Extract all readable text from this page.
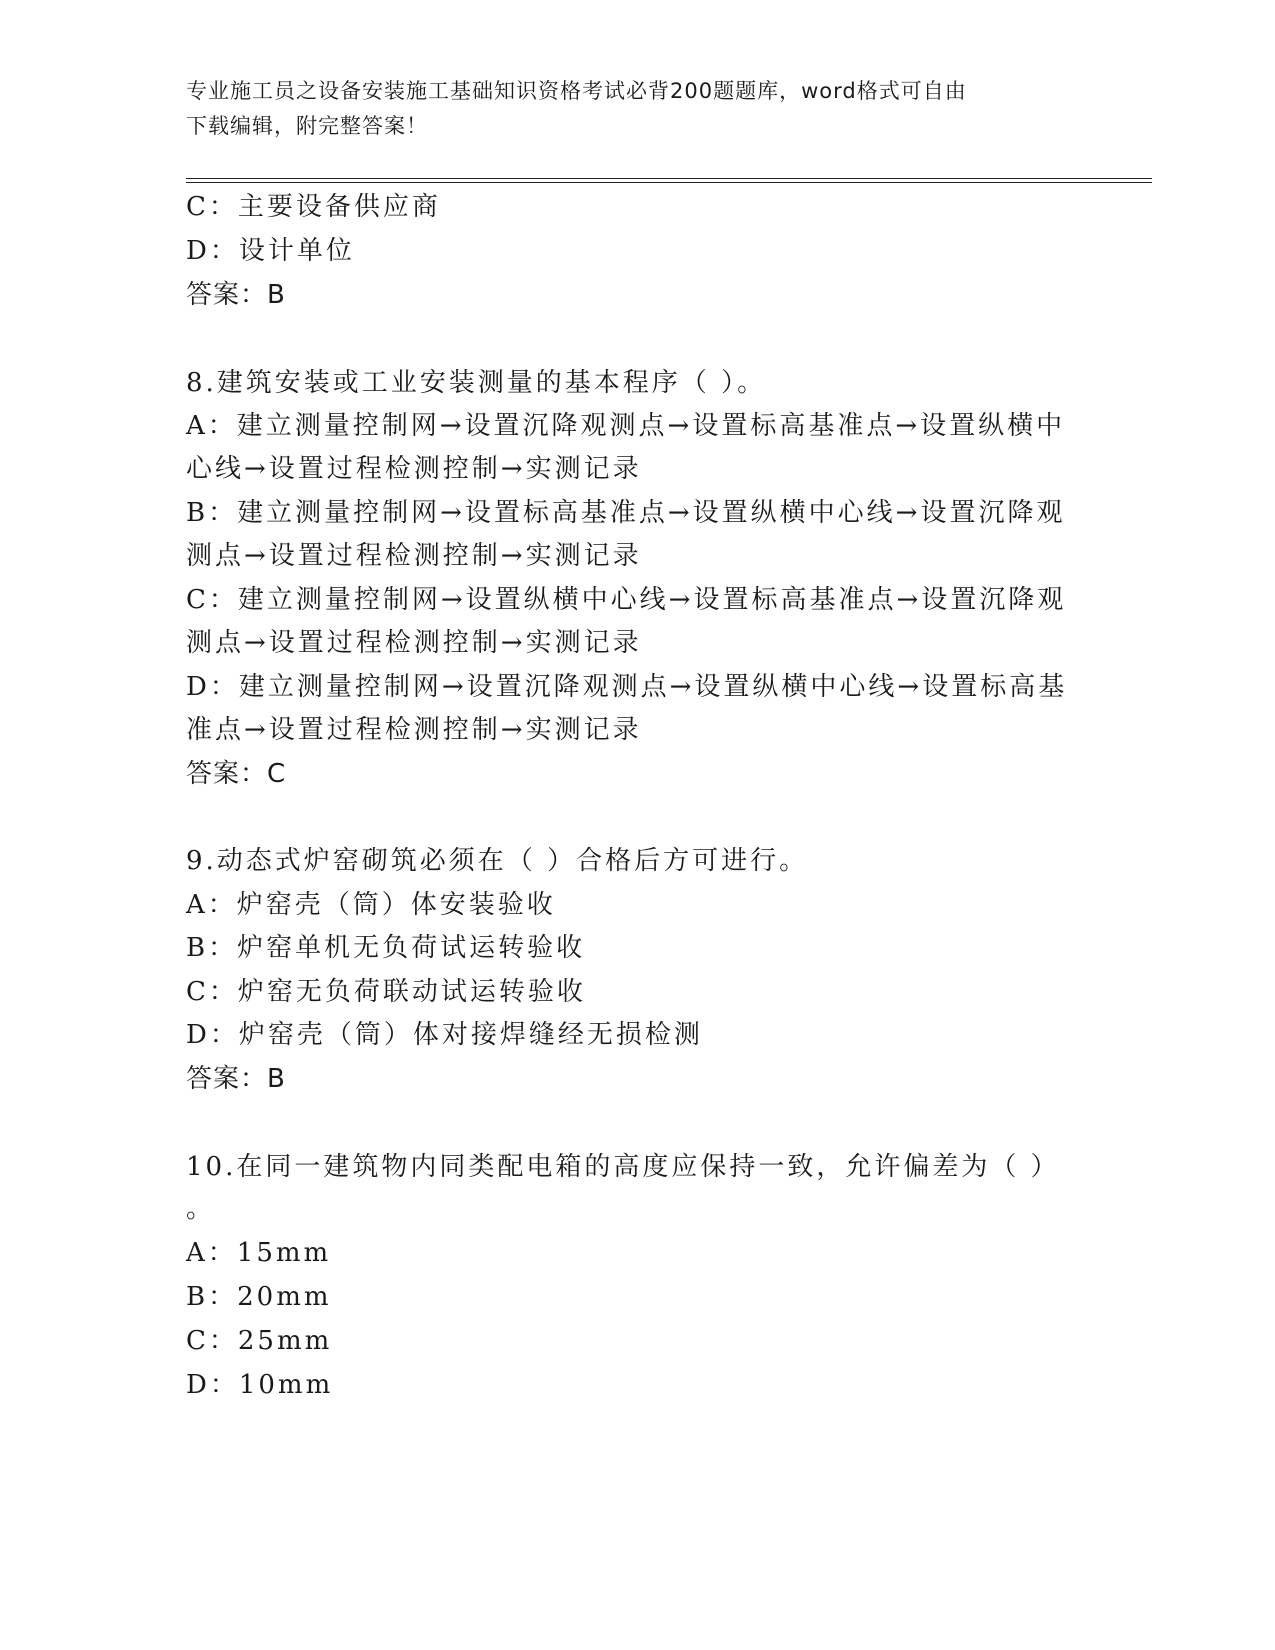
专业施工员之设备安装施工基础知识资格考试必背200题题库，word格式可自由
下载编辑，附完整答案！
C：主要设备供应商
D：设计单位
答案：B
8.建筑安装或工业安装测量的基本程序（ ）。
A：建立测量控制网→设置沉降观测点→设置标高基准点→设置纵横中
心线→设置过程检测控制→实测记录
B：建立测量控制网→设置标高基准点→设置纵横中心线→设置沉降观
测点→设置过程检测控制→实测记录
C：建立测量控制网→设置纵横中心线→设置标高基准点→设置沉降观
测点→设置过程检测控制→实测记录
D：建立测量控制网→设置沉降观测点→设置纵横中心线→设置标高基
准点→设置过程检测控制→实测记录
答案：C
9.动态式炉窑砌筑必须在（ ）合格后方可进行。
A：炉窑壳（筒）体安装验收
B：炉窑单机无负荷试运转验收
C：炉窑无负荷联动试运转验收
D：炉窑壳（筒）体对接焊缝经无损检测
答案：B
10.在同一建筑物内同类配电箱的高度应保持一致，允许偏差为（ ）
。
A：15mm
B：20mm
C：25mm
D：10mm
